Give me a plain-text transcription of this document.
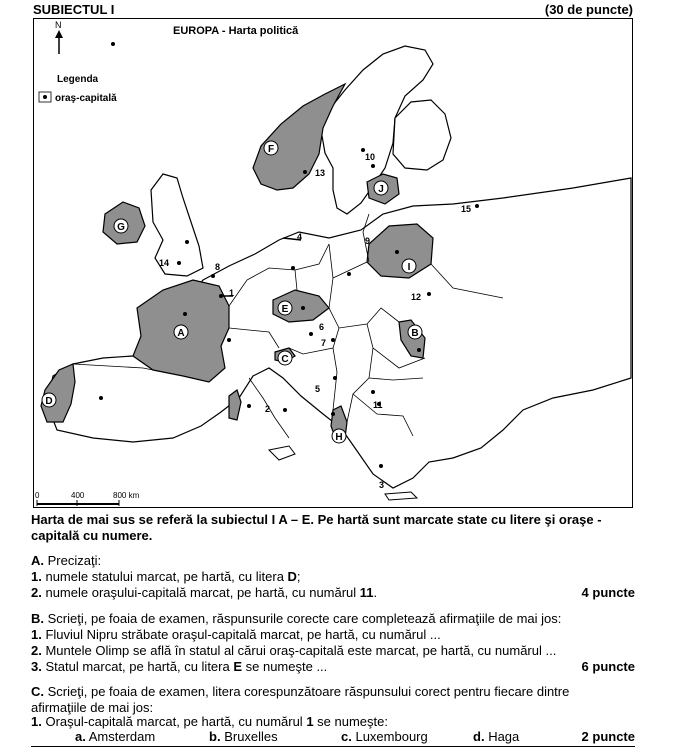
SUBIECTUL I	(30 de puncte)
N	EUROPA - Harta politică
Legenda
oraş-capitală
0	400	800 km
A	B
C
D
E
F
G
H
I
J
1
2
3
4
5
6
7
8
9
10
11
12
13
14
15
Harta de mai sus se referă la subiectul I A – E. Pe hartă sunt marcate state cu litere şi oraşe - capitală cu numere.
A. Precizaţi:
1. numele statului marcat, pe hartă, cu litera D;
2. numele oraşului-capitală marcat, pe hartă, cu numărul 11.	4 puncte
B. Scrieţi, pe foaia de examen, răspunsurile corecte care completează afirmaţiile de mai jos:
1. Fluviul Nipru străbate oraşul-capitală marcat, pe hartă, cu numărul ...
2. Muntele Olimp se află în statul al cărui oraş-capitală este marcat, pe hartă, cu numărul ...
3. Statul marcat, pe hartă, cu litera E se numeşte ...	6 puncte
C. Scrieţi, pe foaia de examen, litera corespunzătoare răspunsului corect pentru fiecare dintre
afirmaţiile de mai jos:
1. Oraşul-capitală marcat, pe hartă, cu numărul 1 se numeşte:
a. Amsterdam	b. Bruxelles	c. Luxembourg	d. Haga	2 puncte
